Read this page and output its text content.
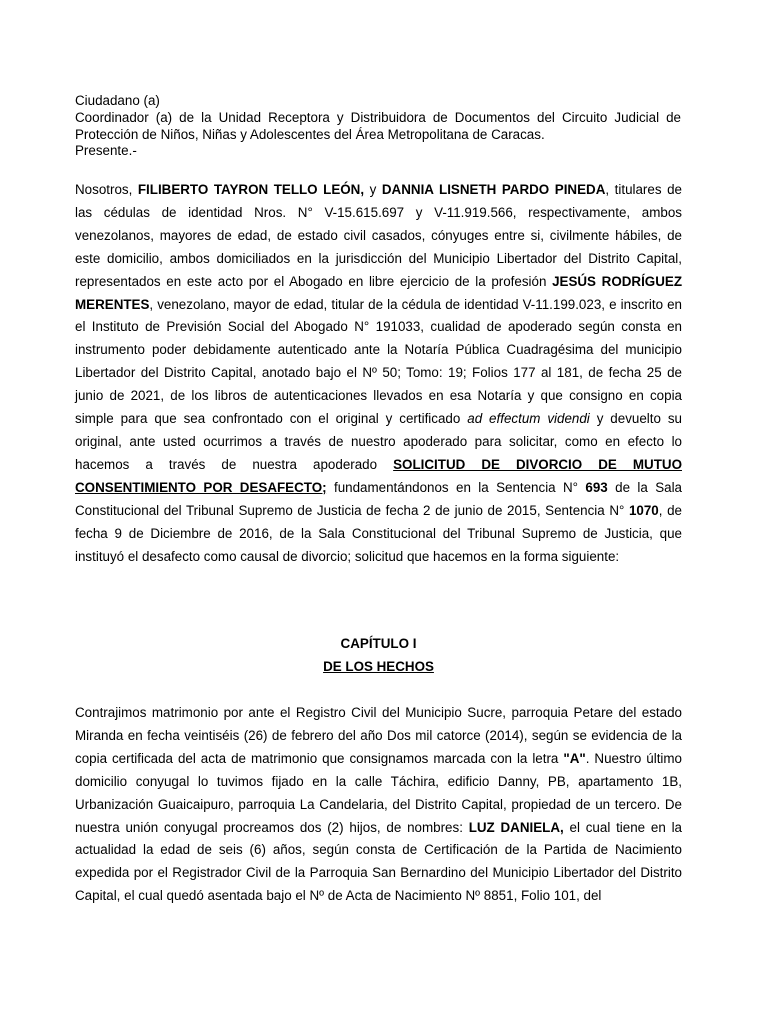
Ciudadano (a)

Coordinador (a) de la Unidad Receptora y Distribuidora de Documentos del Circuito Judicial de Protección de Niños, Niñas y Adolescentes del Área Metropolitana de Caracas.

Presente.-

Nosotros, FILIBERTO TAYRON TELLO LEÓN, y DANNIA LISNETH PARDO PINEDA, titulares de las cédulas de identidad Nros. N° V-15.615.697 y V-11.919.566, respectivamente, ambos venezolanos, mayores de edad, de estado civil casados, cónyuges entre si, civilmente hábiles, de este domicilio, ambos domiciliados en la jurisdicción del Municipio Libertador del Distrito Capital, representados en este acto por el Abogado en libre ejercicio de la profesión JESÚS RODRÍGUEZ MERENTES, venezolano, mayor de edad, titular de la cédula de identidad V-11.199.023, e inscrito en el Instituto de Previsión Social del Abogado N° 191033, cualidad de apoderado según consta en instrumento poder debidamente autenticado ante la Notaría Pública Cuadragésima del municipio Libertador del Distrito Capital, anotado bajo el Nº 50; Tomo: 19; Folios 177 al 181, de fecha 25 de junio de 2021, de los libros de autenticaciones llevados en esa Notaría y que consigno en copia simple para que sea confrontado con el original y certificado ad effectum videndi y devuelto su original, ante usted ocurrimos a través de nuestro apoderado para solicitar, como en efecto lo hacemos a través de nuestra apoderado SOLICITUD DE DIVORCIO DE MUTUO CONSENTIMIENTO POR DESAFECTO; fundamentándonos en la Sentencia N° 693 de la Sala Constitucional del Tribunal Supremo de Justicia de fecha 2 de junio de 2015, Sentencia N° 1070, de fecha 9 de Diciembre de 2016, de la Sala Constitucional del Tribunal Supremo de Justicia, que instituyó el desafecto como causal de divorcio; solicitud que hacemos en la forma siguiente:

CAPÍTULO I

DE LOS HECHOS

Contrajimos matrimonio por ante el Registro Civil del Municipio Sucre, parroquia Petare del estado Miranda en fecha veintiséis (26) de febrero del año Dos mil catorce (2014), según se evidencia de la copia certificada del acta de matrimonio que consignamos marcada con la letra "A". Nuestro último domicilio conyugal lo tuvimos fijado en la calle Táchira, edificio Danny, PB, apartamento 1B, Urbanización Guaicaipuro, parroquia La Candelaria, del Distrito Capital, propiedad de un tercero. De nuestra unión conyugal procreamos dos (2) hijos, de nombres: LUZ DANIELA, el cual tiene en la actualidad la edad de seis (6) años, según consta de Certificación de la Partida de Nacimiento expedida por el Registrador Civil de la Parroquia San Bernardino del Municipio Libertador del Distrito Capital, el cual quedó asentada bajo el Nº de Acta de Nacimiento Nº 8851, Folio 101, del
